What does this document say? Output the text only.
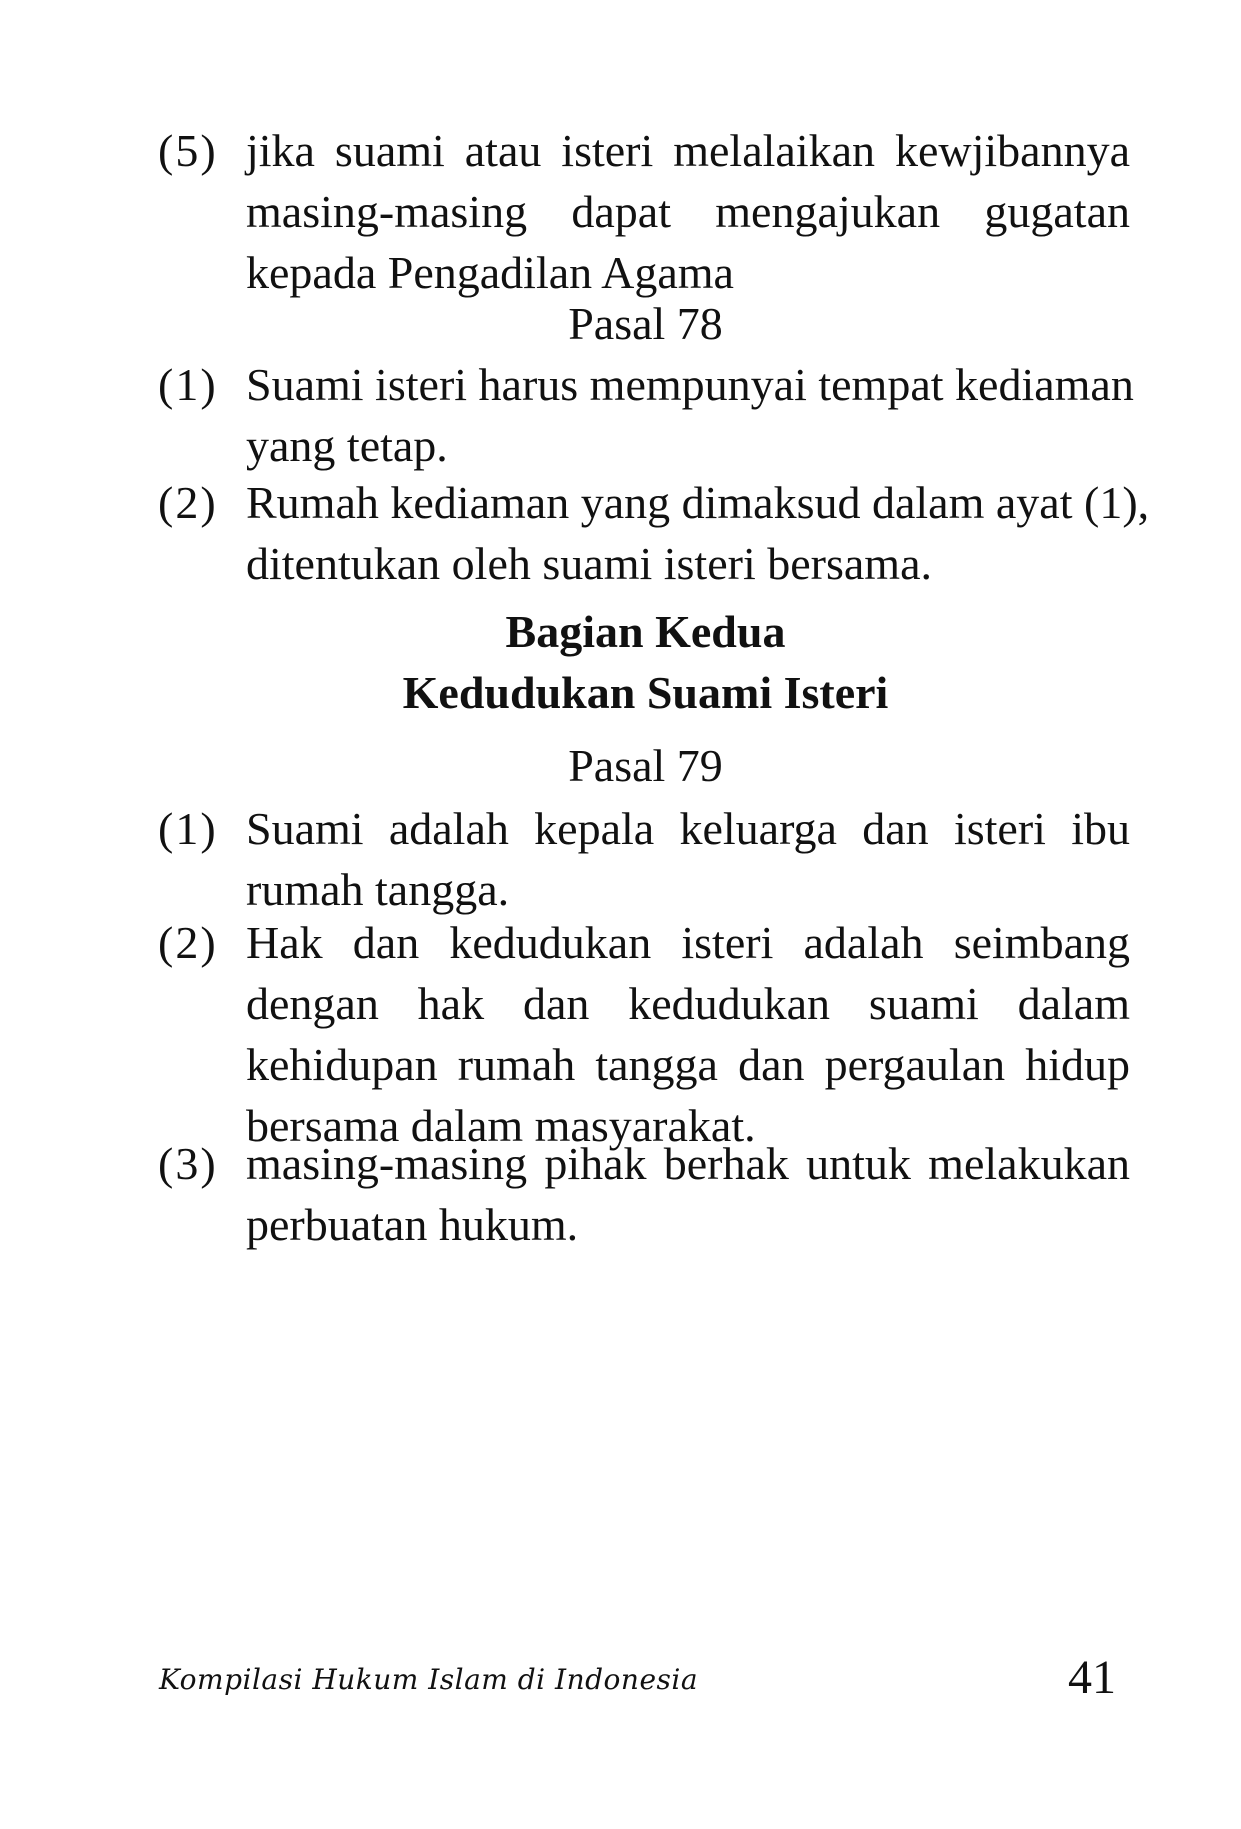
(5) jika suami atau isteri melalaikan kewjibannya
masing-masing dapat mengajukan gugatan
kepada Pengadilan Agama
Pasal 78
(1) Suami isteri harus mempunyai tempat kediaman
yang tetap.
(2) Rumah kediaman yang dimaksud dalam ayat (1),
ditentukan oleh suami isteri bersama.
Bagian Kedua
Kedudukan Suami Isteri
Pasal 79
(1) Suami adalah kepala keluarga dan isteri ibu
rumah tangga.
(2) Hak dan kedudukan isteri adalah seimbang
dengan hak dan kedudukan suami dalam
kehidupan rumah tangga dan pergaulan hidup
bersama dalam masyarakat.
(3) masing-masing pihak berhak untuk melakukan
perbuatan hukum.
Kompilasi Hukum Islam di Indonesia	41
